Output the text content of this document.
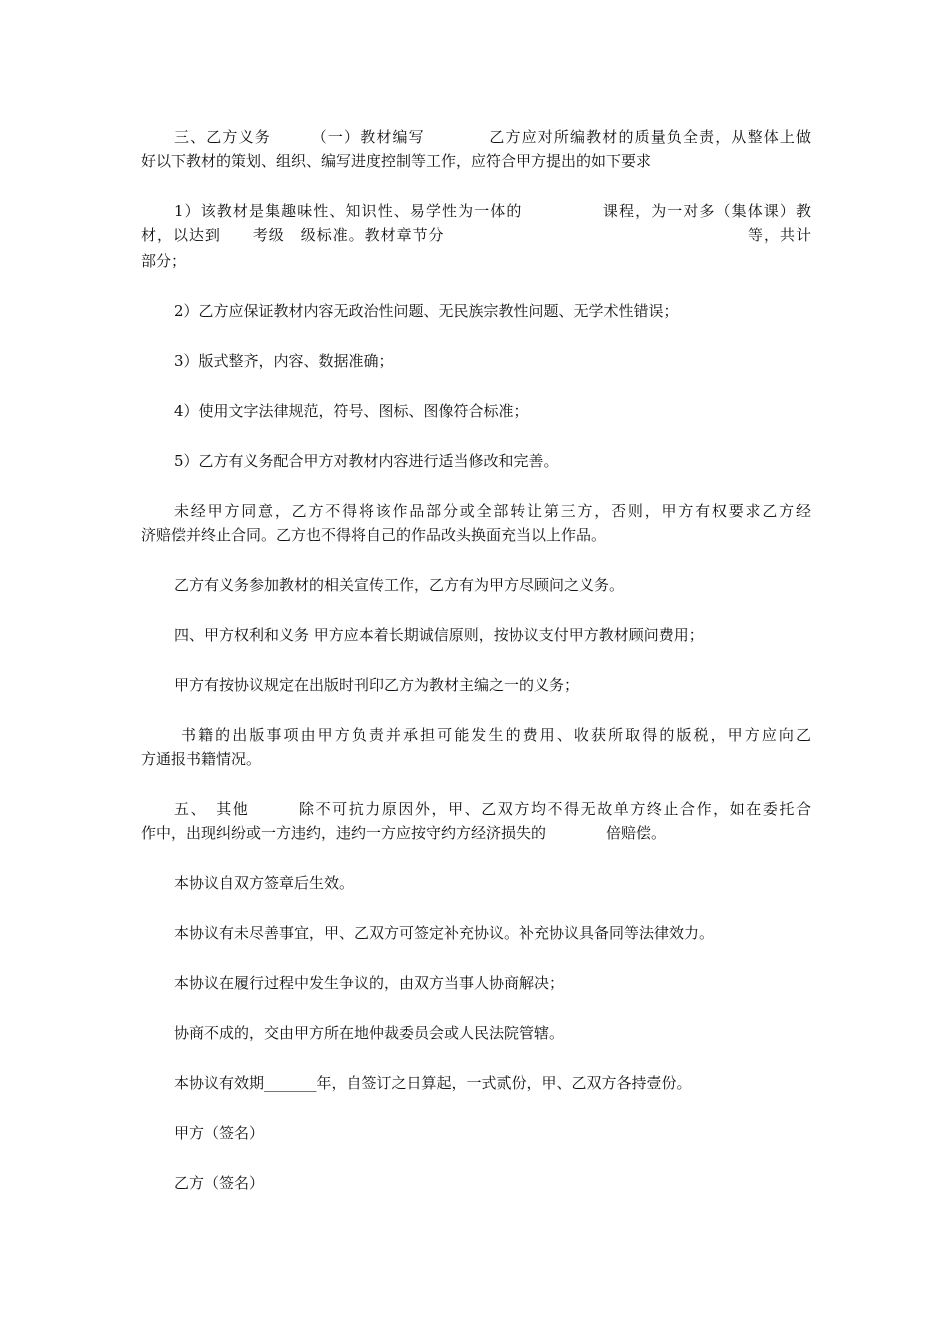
三、乙方义务　　　（一）教材编写　　　　乙方应对所编教材的质量负全责，从整体上做
好以下教材的策划、组织、编写进度控制等工作，应符合甲方提出的如下要求
1）该教材是集趣味性、知识性、易学性为一体的　　　　　课程，为一对多（集体课）教
材，以达到　　考级　级标准。教材章节分　　　　　　　　　　　　　　　　　　　等，共计
部分；
2）乙方应保证教材内容无政治性问题、无民族宗教性问题、无学术性错误；
3）版式整齐，内容、数据准确；
4）使用文字法律规范，符号、图标、图像符合标准；
5）乙方有义务配合甲方对教材内容进行适当修改和完善。
未经甲方同意，乙方不得将该作品部分或全部转让第三方，否则，甲方有权要求乙方经
济赔偿并终止合同。乙方也不得将自己的作品改头换面充当以上作品。
乙方有义务参加教材的相关宣传工作，乙方有为甲方尽顾问之义务。
四、甲方权利和义务 甲方应本着长期诚信原则，按协议支付甲方教材顾问费用；
甲方有按协议规定在出版时刊印乙方为教材主编之一的义务；
书籍的出版事项由甲方负责并承担可能发生的费用、收获所取得的版税，甲方应向乙
方通报书籍情况。
五、　其他　　　除不可抗力原因外，甲、乙双方均不得无故单方终止合作，如在委托合
作中，出现纠纷或一方违约，违约一方应按守约方经济损失的　　　　倍赔偿。
本协议自双方签章后生效。
本协议有未尽善事宜，甲、乙双方可签定补充协议。补充协议具备同等法律效力。
本协议在履行过程中发生争议的，由双方当事人协商解决；
协商不成的，交由甲方所在地仲裁委员会或人民法院管辖。
本协议有效期_______年，自签订之日算起，一式贰份，甲、乙双方各持壹份。
甲方（签名）
乙方（签名）
